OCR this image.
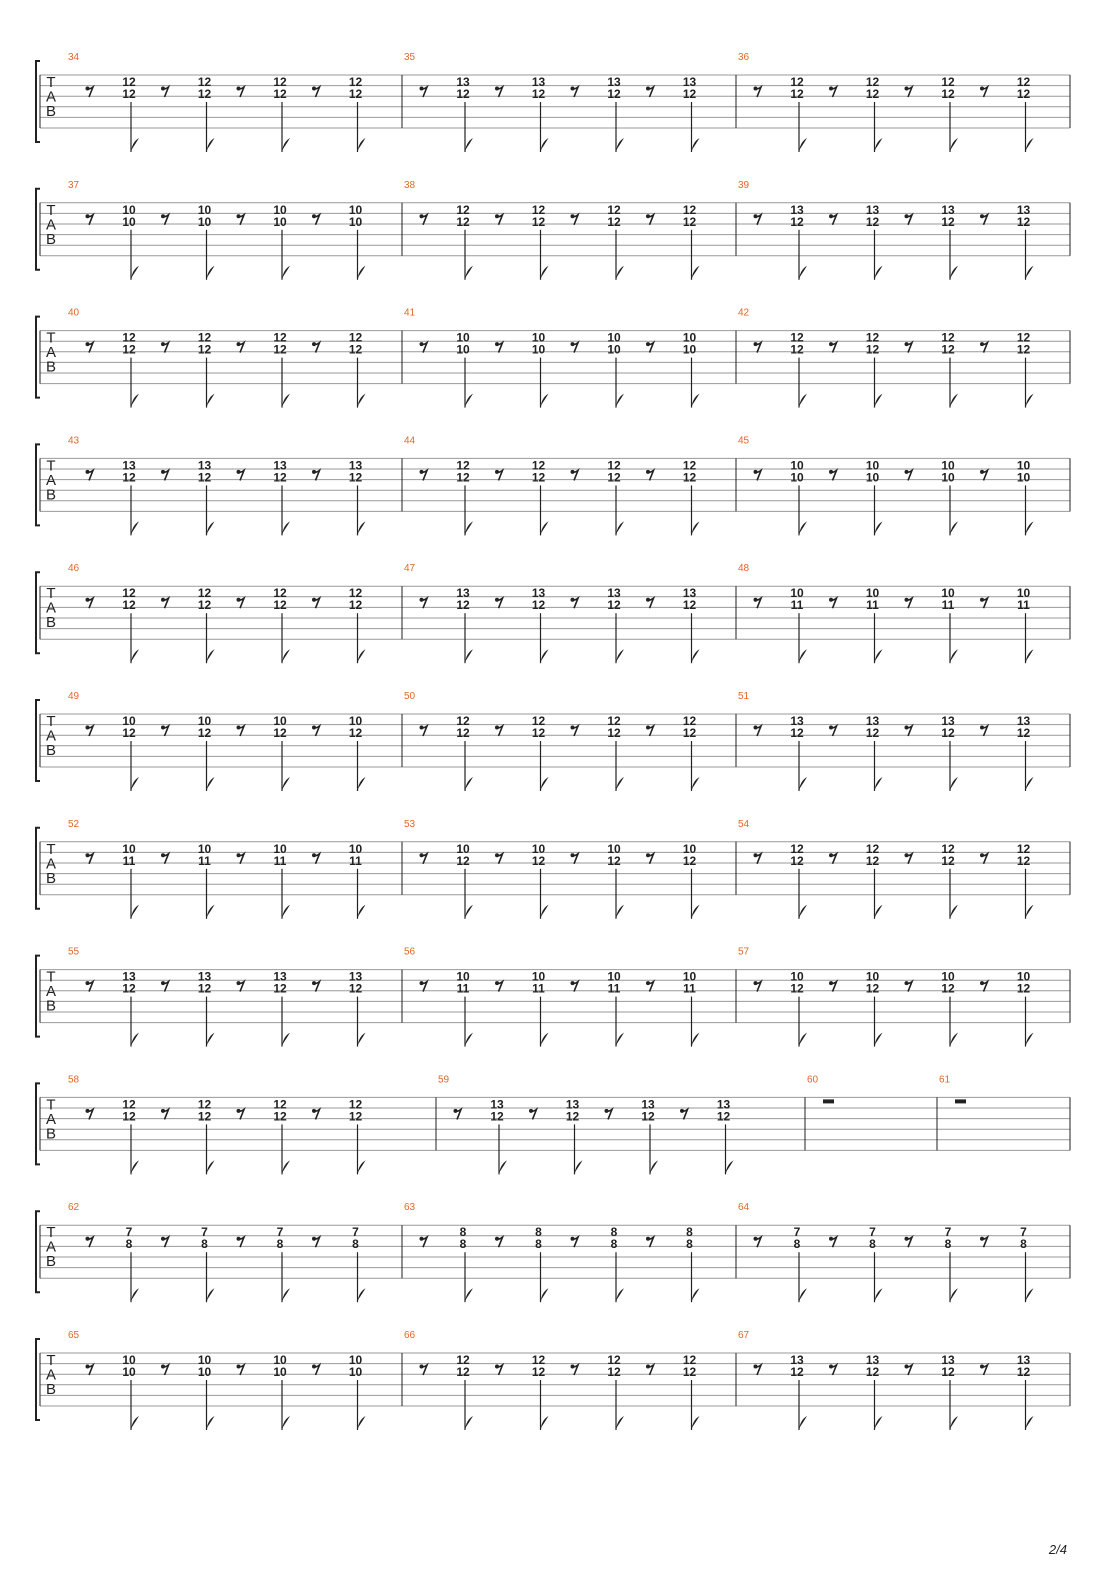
T
A
B
34
12
12
12
12
12
12
12
12
35
13
12
13
12
13
12
13
12
36
12
12
12
12
12
12
12
12
T
A
B
37
10
10
10
10
10
10
10
10
38
12
12
12
12
12
12
12
12
39
13
12
13
12
13
12
13
12
T
A
B
40
12
12
12
12
12
12
12
12
41
10
10
10
10
10
10
10
10
42
12
12
12
12
12
12
12
12
T
A
B
43
13
12
13
12
13
12
13
12
44
12
12
12
12
12
12
12
12
45
10
10
10
10
10
10
10
10
T
A
B
46
12
12
12
12
12
12
12
12
47
13
12
13
12
13
12
13
12
48
10
11
10
11
10
11
10
11
T
A
B
49
10
12
10
12
10
12
10
12
50
12
12
12
12
12
12
12
12
51
13
12
13
12
13
12
13
12
T
A
B
52
10
11
10
11
10
11
10
11
53
10
12
10
12
10
12
10
12
54
12
12
12
12
12
12
12
12
T
A
B
55
13
12
13
12
13
12
13
12
56
10
11
10
11
10
11
10
11
57
10
12
10
12
10
12
10
12
T
A
B
58
12
12
12
12
12
12
12
12
59
13
12
13
12
13
12
13
12
60	61
T
A
B
62
7
8
7
8
7
8
7
8
63
8
8
8
8
8
8
8
8
64
7
8
7
8
7
8
7
8
T
A
B
65
10
10
10
10
10
10
10
10
66
12
12
12
12
12
12
12
12
67
13
12
13
12
13
12
13
12
2/4
